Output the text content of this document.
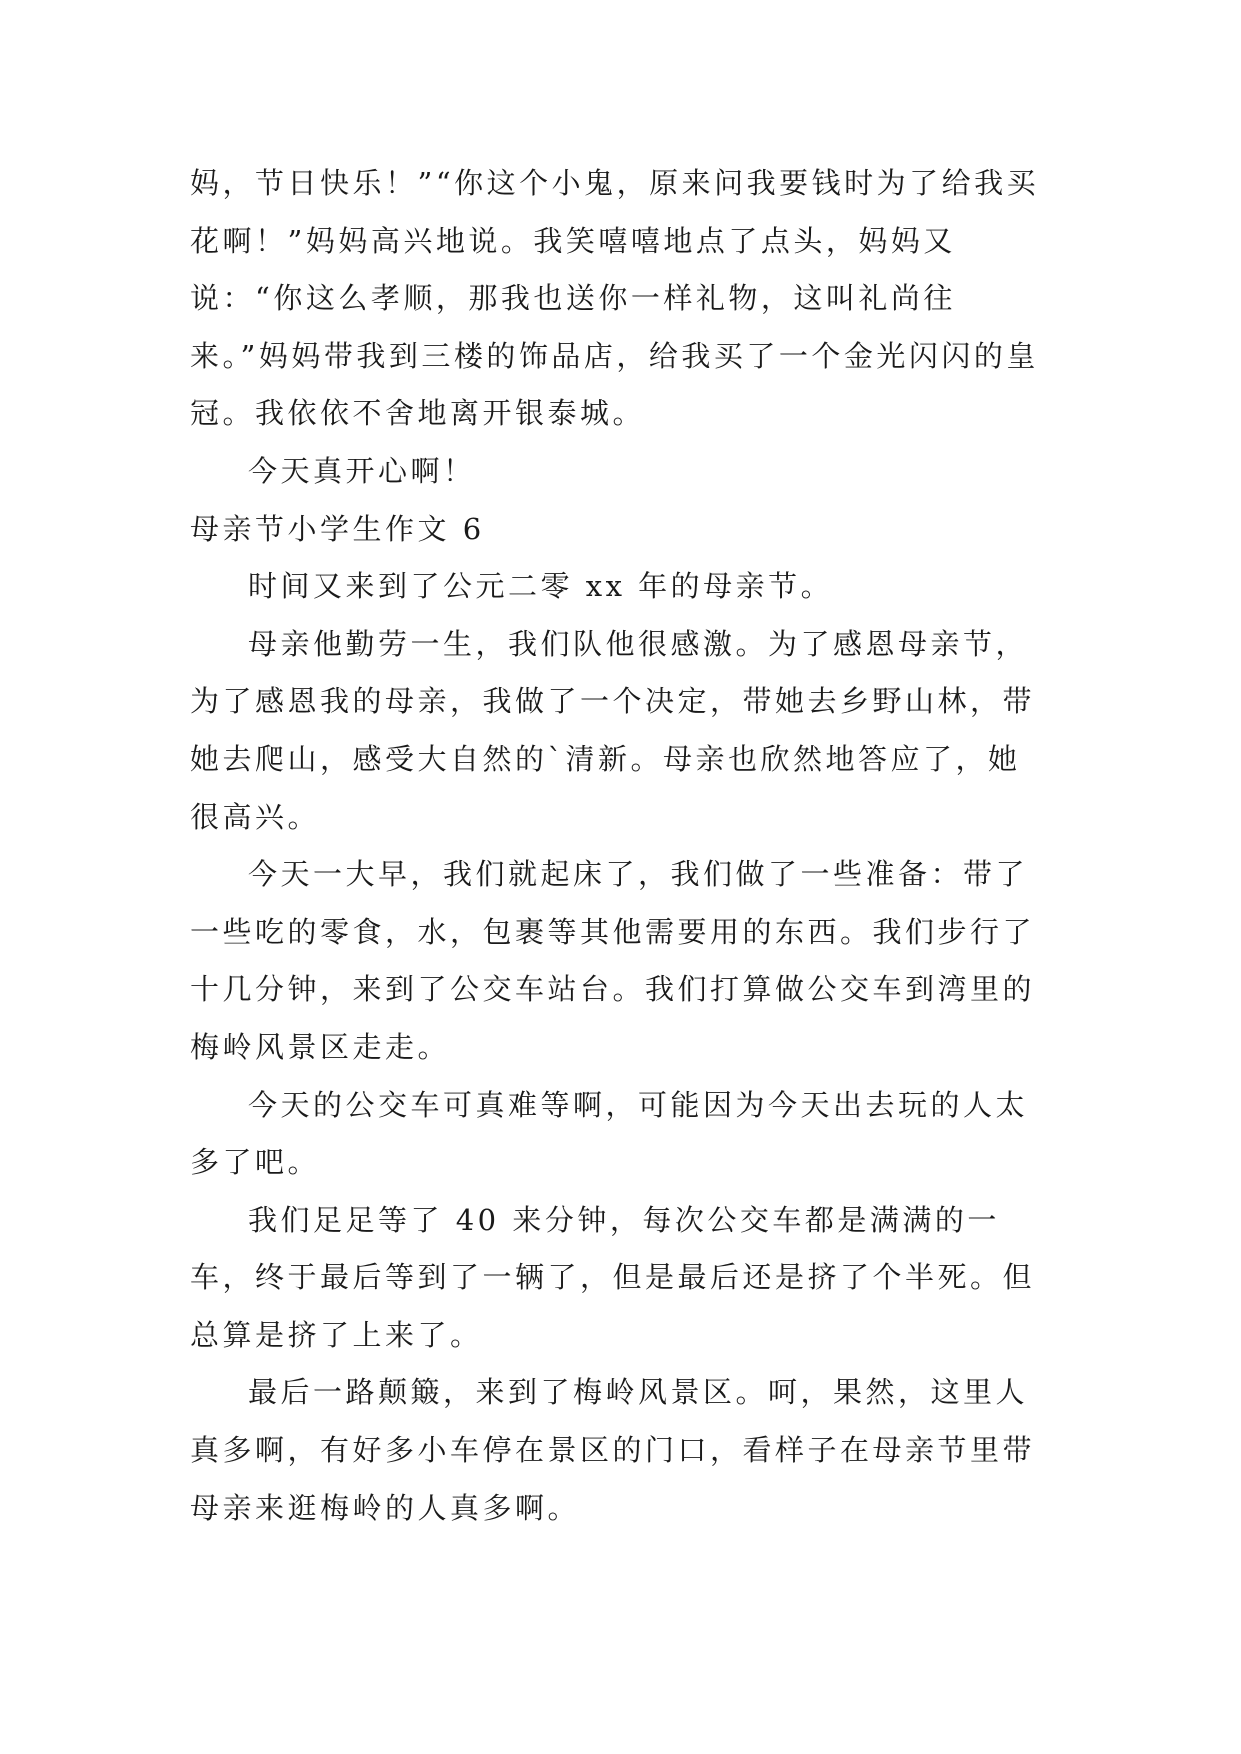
妈，节日快乐！”“你这个小鬼，原来问我要钱时为了给我买花啊！”妈妈高兴地说。我笑嘻嘻地点了点头，妈妈又说：“你这么孝顺，那我也送你一样礼物，这叫礼尚往来。”妈妈带我到三楼的饰品店，给我买了一个金光闪闪的皇冠。我依依不舍地离开银泰城。

今天真开心啊！

母亲节小学生作文 6

时间又来到了公元二零 xx 年的母亲节。

母亲他勤劳一生，我们队他很感激。为了感恩母亲节，为了感恩我的母亲，我做了一个决定，带她去乡野山林，带她去爬山，感受大自然的`清新。母亲也欣然地答应了，她很高兴。

今天一大早，我们就起床了，我们做了一些准备：带了一些吃的零食，水，包裹等其他需要用的东西。我们步行了十几分钟，来到了公交车站台。我们打算做公交车到湾里的梅岭风景区走走。

今天的公交车可真难等啊，可能因为今天出去玩的人太多了吧。

我们足足等了 40 来分钟，每次公交车都是满满的一车，终于最后等到了一辆了，但是最后还是挤了个半死。但总算是挤了上来了。

最后一路颠簸，来到了梅岭风景区。呵，果然，这里人真多啊，有好多小车停在景区的门口，看样子在母亲节里带母亲来逛梅岭的人真多啊。
